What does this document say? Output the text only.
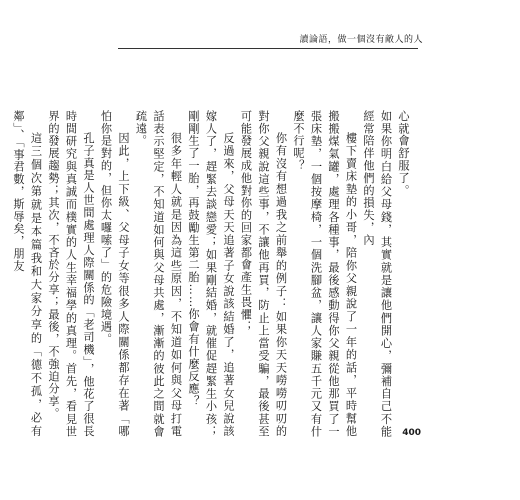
讀論語，做一個沒有敵人的人

心就會舒服了。

如果你明白給父母錢，其實就是讓他們開心，彌補自己不能經常陪伴他們的損失，內

樓下賣床墊的小哥，陪你父親說了一年的話，平時幫他搬搬煤氣罐，處理各種事，最後感動得你父親從他那買了一張床墊，一個按摩椅，一個洗腳盆，讓人家賺五千元又有什麼不行呢？

你有沒有想過我之前舉的例子：如果你天天嘮嘮叨叨的對你父親說這些事，不讓他再買，防止上當受騙，最後甚至可能發展成他對你的回家都會產生畏懼；

反過來，父母天天追著子女說該結婚了，追著女兒說該嫁人了，趕緊去談戀愛；如果剛結婚，就催促趕緊生小孩；剛剛生了一胎，再鼓勵生第二胎……你會有什麼反應？

很多年輕人就是因為這些原因，不知道如何與父母打電話表示堅定，不知道如何與父母共處，漸漸的彼此之間就會疏遠。

因此，上下級、父母子女等很多人際關係都存在著「哪怕你是對的，但你太囉嗦了」的危險境遇。

孔子真是人世間處理人際關係的「老司機」，他花了很長時間研究與真誠而樸實的人生幸福學的真理。首先，看見世界的發展趨勢；其次，不吝於分享；最後，不強迫分享。

這三個次第就是本篇我和大家分享的「德不孤，必有鄰」、「事君數，斯辱矣，朋友

400
